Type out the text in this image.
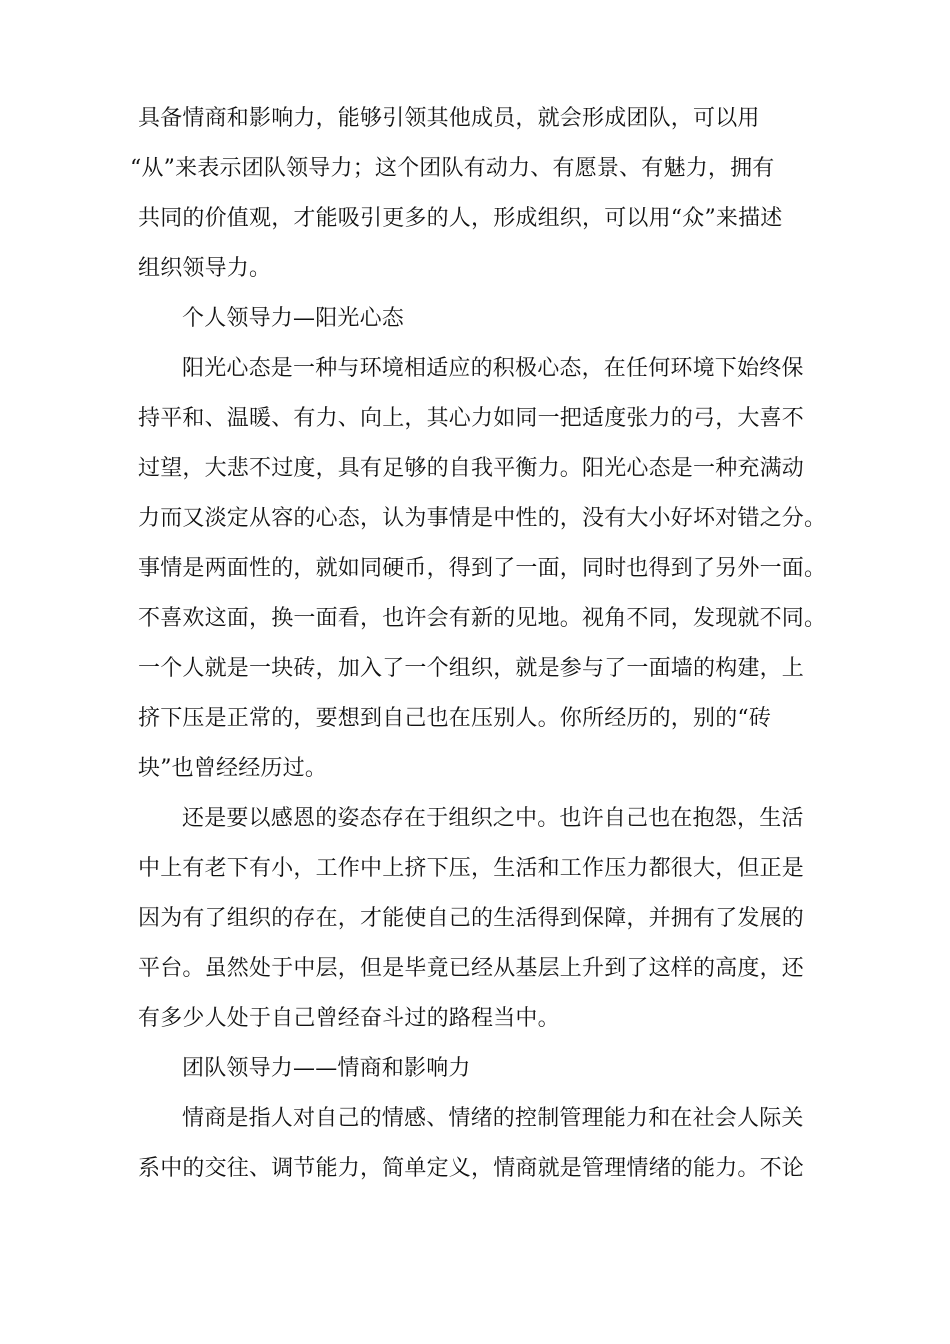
具备情商和影响力，能够引领其他成员，就会形成团队，可以用
“从”来表示团队领导力；这个团队有动力、有愿景、有魅力，拥有
共同的价值观，才能吸引更多的人，形成组织，可以用“众”来描述
组织领导力。
个人领导力—阳光心态
阳光心态是一种与环境相适应的积极心态，在任何环境下始终保
持平和、温暖、有力、向上，其心力如同一把适度张力的弓，大喜不
过望，大悲不过度，具有足够的自我平衡力。阳光心态是一种充满动
力而又淡定从容的心态，认为事情是中性的，没有大小好坏对错之分。
事情是两面性的，就如同硬币，得到了一面，同时也得到了另外一面。
不喜欢这面，换一面看，也许会有新的见地。视角不同，发现就不同。
一个人就是一块砖，加入了一个组织，就是参与了一面墙的构建，上
挤下压是正常的，要想到自己也在压别人。你所经历的，别的“砖
块”也曾经经历过。
还是要以感恩的姿态存在于组织之中。也许自己也在抱怨，生活
中上有老下有小，工作中上挤下压，生活和工作压力都很大，但正是
因为有了组织的存在，才能使自己的生活得到保障，并拥有了发展的
平台。虽然处于中层，但是毕竟已经从基层上升到了这样的高度，还
有多少人处于自己曾经奋斗过的路程当中。
团队领导力——情商和影响力
情商是指人对自己的情感、情绪的控制管理能力和在社会人际关
系中的交往、调节能力，简单定义，情商就是管理情绪的能力。不论
